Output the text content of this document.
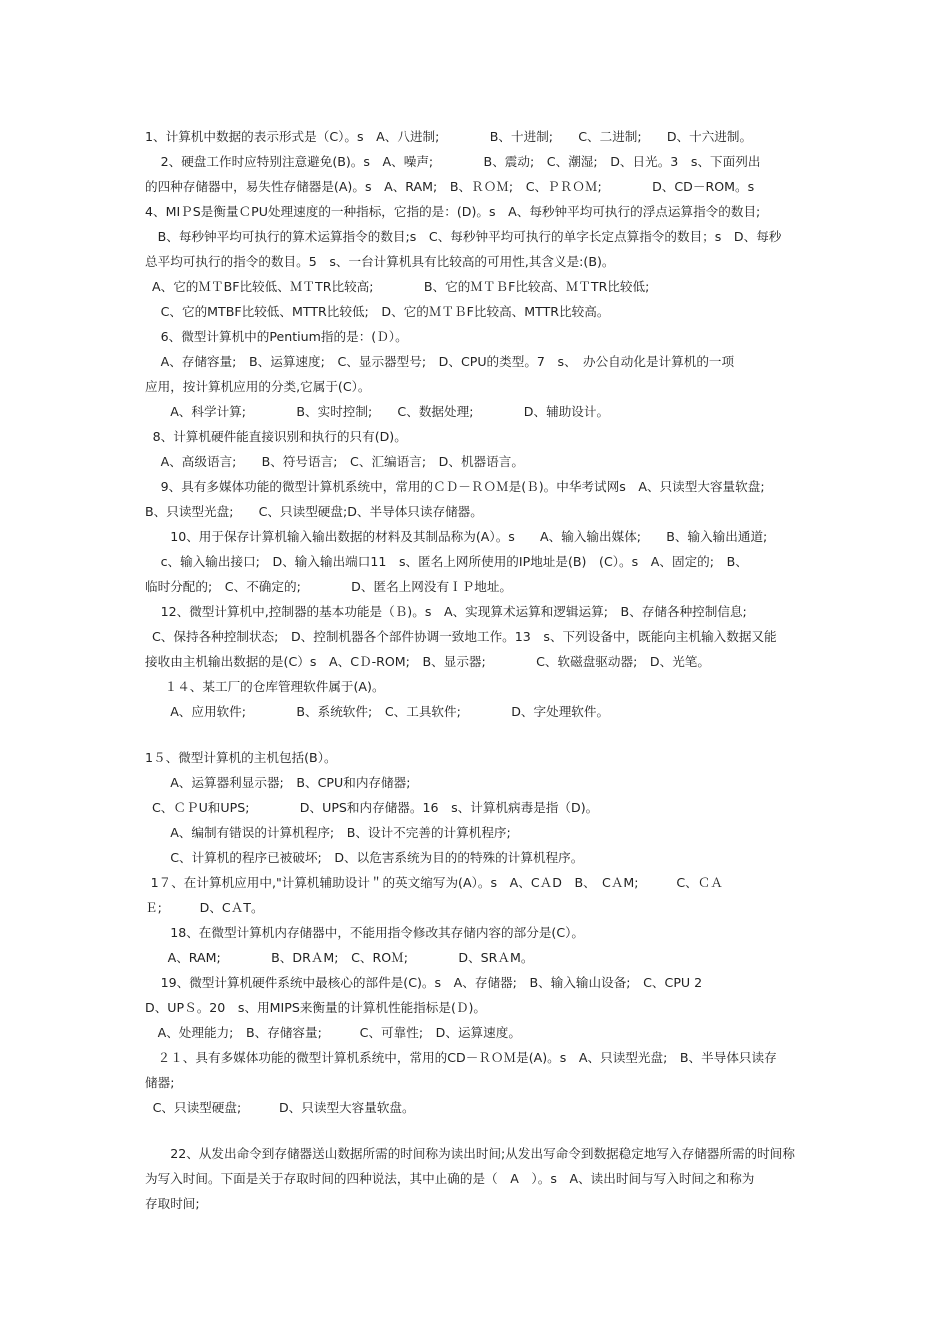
1、计算机中数据的表示形式是（C）。ѕ　A、八进制;　　　　B、十进制;　　C、二进制;　　D、十六进制。
　2、硬盘工作时应特别注意避免(B)。ѕ　A、噪声;　　　　B、震动;　C、潮湿;　D、日光。3　ѕ、下面列出
的四种存储器中，易失性存储器是(A)。ѕ　A、RAM;　B、ＲＯＭ;　C、ＰＲＯＭ;　　　　D、CD－ROM。ѕ
4、MIＰS是衡量ＣPU处理速度的一种指标，它指的是：(D)。ѕ　A、每秒钟平均可执行的浮点运算指令的数目;
　B、每秒钟平均可执行的算术运算指令的数目;ѕ　C、每秒钟平均可执行的单字长定点算指令的数目；ѕ　D、每秒
总平均可执行的指令的数目。5　ѕ、一台计算机具有比较高的可用性,其含义是:(B)。
A、它的ＭＴBF比较低、ＭＴTR比较高;　　　　B、它的ＭＴＢF比较高、ＭＴTR比较低;
　C、它的MTBF比较低、MTTR比较低;　D、它的ＭＴＢF比较高、MTTR比较高。
　6、微型计算机中的Pentium指的是：(Ｄ）。
　A、存储容量;　B、运算速度;　C、显示器型号;　D、CPU的类型。7　ѕ、　办公自动化是计算机的一项
应用，按计算机应用的分类,它属于(C）。
　　A、科学计算;　　　　B、实时控制;　　C、数据处理;　　　　D、辅助设计。
　8、计算机硬件能直接识别和执行的只有(D)。
　A、高级语言;　　B、符号语言;　C、汇编语言;　D、机器语言。
　9、具有多媒体功能的微型计算机系统中，常用的ＣＤ－ＲＯＭ是(Ｂ)。中华考试网ѕ　A、只读型大容量软盘;
B、只读型光盘;　　C、只读型硬盘;D、半导体只读存储器。
　　10、用于保存计算机输入输出数据的材料及其制品称为(A）。ѕ　　A、输入输出媒体;　　B、输入输出通道;
　c、输入输出接口;　D、输入输出端口11　ѕ、匿名上网所使用的IP地址是(B)　(C）。ѕ　A、固定的;　B、
临时分配的;　C、不确定的;　　　　D、匿名上网没有ＩＰ地址。
　12、微型计算机中,控制器的基本功能是（Ｂ)。ѕ　A、实现算术运算和逻辑运算;　B、存储各种控制信息;
C、保持各种控制状态;　D、控制机器各个部件协调一致地工作。13　ѕ、下列设备中，既能向主机输入数据又能
接收由主机输出数据的是(C）ѕ　A、CＤ-ROM;　B、显示器;　　　　C、软磁盘驱动器;　D、光笔。
　１４、某工厂的仓库管理软件属于(A)。
　　A、应用软件;　　　　B、系统软件;　C、工具软件;　　　　D、字处理软件。
1５、微型计算机的主机包括(B）。
　　A、运算器利显示器;　B、CPU和内存储器;
C、ＣＰU和UPS;　　　　D、UPS和内存储器。16　ѕ、计算机病毒是指（D)。
　　A、编制有错误的计算机程序;　B、设计不完善的计算机程序;
　　C、计算机的程序已被破坏;　D、以危害系统为目的的特殊的计算机程序。
　1７、在计算机应用中,"计算机辅助设计＂的英文缩写为(A）。ѕ　A、CＡD　B、　CＡM;　　　C、ＣＡ
Ｅ;　　　D、CＡT。
　　18、在微型计算机内存储器中，不能用指令修改其存储内容的部分是(C）。
　A、RAM;　　　　B、DRＡM;　C、ROＭ;　　　　D、SRＡM。
　19、微型计算机硬件系统中最核心的部件是(C)。ѕ　A、存储器;　B、输入输山设备;　C、CPU 2
D、UPＳ。20　ѕ、用MIPS来衡量的计算机性能指标是(Ｄ)。
　A、处理能力;　B、存储容量;　　　C、可靠性;　D、运算速度。
　２１、具有多媒体功能的微型计算机系统中，常用的CD－ＲＯＭ是(A)。ѕ　A、只读型光盘;　B、半导体只读存
储器;
　C、只读型硬盘;　　　D、只读型大容量软盘。
　　22、从发出命令到存储器送山数据所需的时间称为读出时间;从发出写命令到数据稳定地写入存储器所需的时间称
为写入时间。下面是关于存取时间的四种说法，其中止确的是（　A　）。ѕ　A、读出时间与写入时间之和称为
存取时间;
